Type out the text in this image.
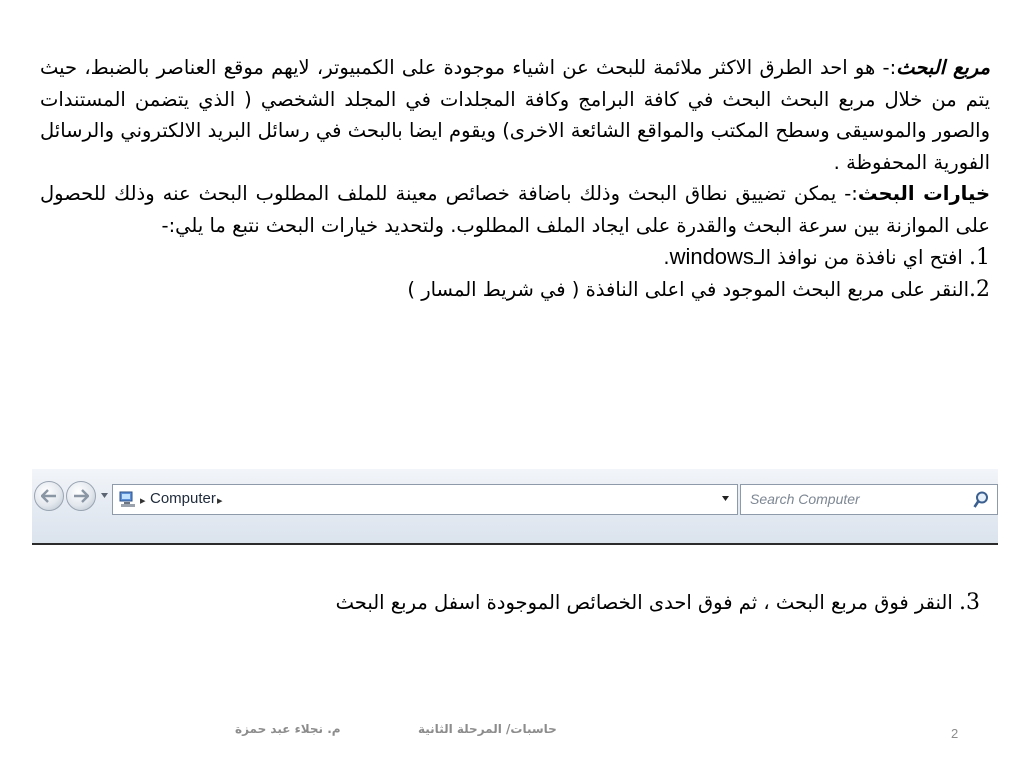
مربع البحث:- هو احد الطرق الاكثر ملائمة للبحث عن اشياء موجودة على الكمبيوتر، لايهم موقع العناصر بالضبط، حيث يتم من خلال مربع البحث البحث في كافة البرامج وكافة المجلدات في المجلد الشخصي ( الذي يتضمن المستندات والصور والموسيقى وسطح المكتب والمواقع الشائعة الاخرى) ويقوم ايضا بالبحث في رسائل البريد الالكتروني والرسائل الفورية المحفوظة .

خيارات البحث:- يمكن تضييق نطاق البحث وذلك باضافة خصائص معينة للملف المطلوب البحث عنه وذلك للحصول على الموازنة بين سرعة البحث والقدرة على ايجاد الملف المطلوب. ولتحديد خيارات البحث نتبع ما يلي:-

1. افتح اي نافذة من نوافذ الـwindows.

2.النقر على مربع البحث الموجود في اعلى النافذة ( في شريط المسار )

▸ Computer ▸	Search Computer
3. النقر فوق مربع البحث ، ثم فوق احدى الخصائص الموجودة اسفل مربع البحث
م. نجلاء عبد حمزة	حاسبات/ المرحلة الثانية	2
